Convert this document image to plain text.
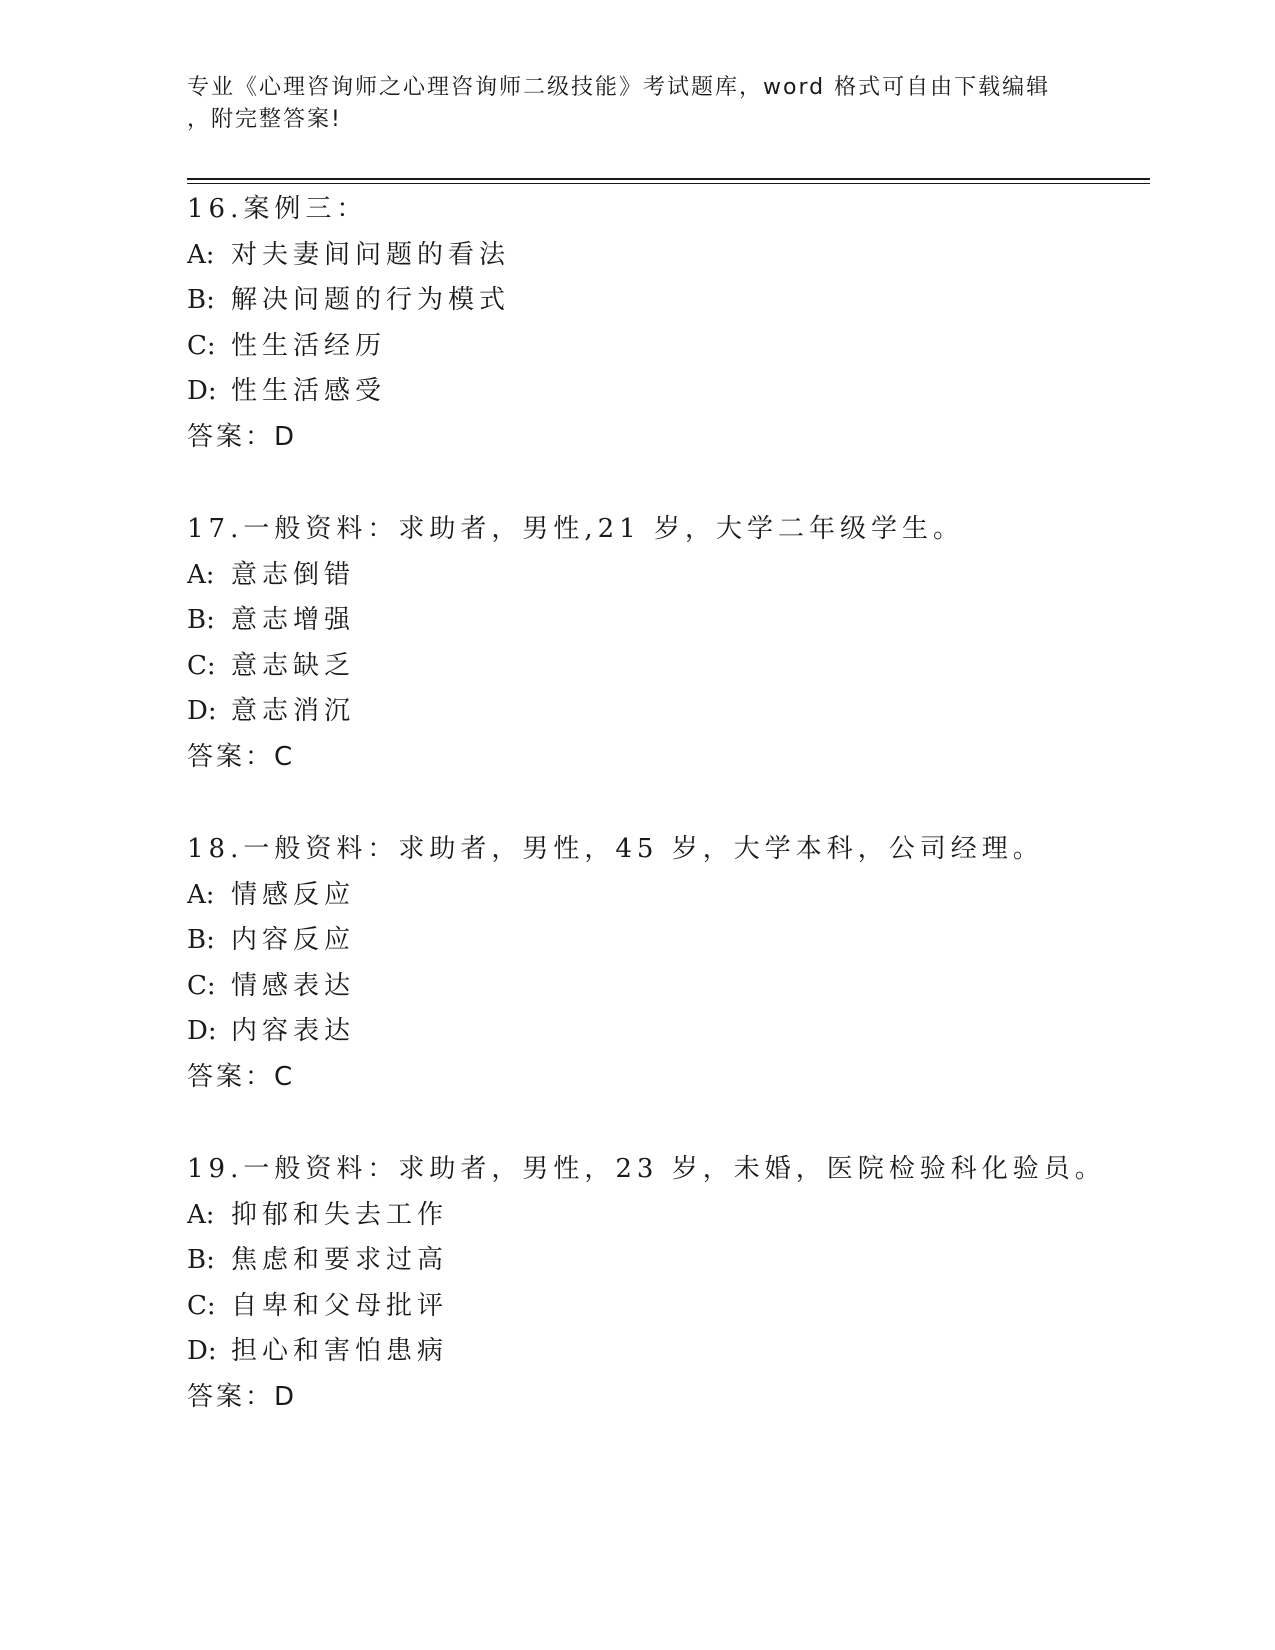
专业《心理咨询师之心理咨询师二级技能》考试题库，word 格式可自由下载编辑
，附完整答案!
16.案例三：
A: 对夫妻间问题的看法
B: 解决问题的行为模式
C: 性生活经历
D: 性生活感受
答案：D
17.一般资料：求助者，男性,21 岁，大学二年级学生。
A: 意志倒错
B: 意志增强
C: 意志缺乏
D: 意志消沉
答案：C
18.一般资料：求助者，男性，45 岁，大学本科，公司经理。
A: 情感反应
B: 内容反应
C: 情感表达
D: 内容表达
答案：C
19.一般资料：求助者，男性，23 岁，未婚，医院检验科化验员。
A: 抑郁和失去工作
B: 焦虑和要求过高
C: 自卑和父母批评
D: 担心和害怕患病
答案：D
